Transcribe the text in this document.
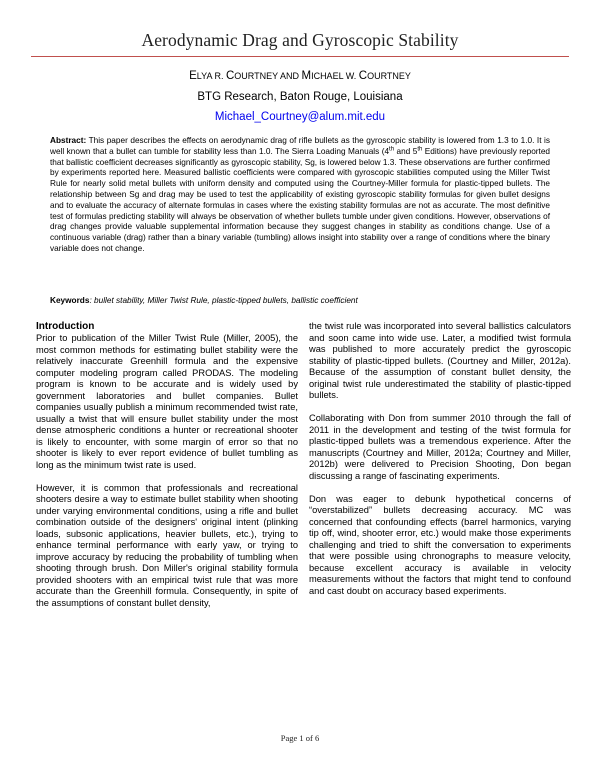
Aerodynamic Drag and Gyroscopic Stability
ELYA R. COURTNEY AND MICHAEL W. COURTNEY
BTG Research, Baton Rouge, Louisiana
Michael_Courtney@alum.mit.edu

Abstract: This paper describes the effects on aerodynamic drag of rifle bullets as the gyroscopic stability is lowered from 1.3 to 1.0. It is well known that a bullet can tumble for stability less than 1.0. The Sierra Loading Manuals (4th and 5th Editions) have previously reported that ballistic coefficient decreases significantly as gyroscopic stability, Sg, is lowered below 1.3. These observations are further confirmed by experiments reported here. Measured ballistic coefficients were compared with gyroscopic stabilities computed using the Miller Twist Rule for nearly solid metal bullets with uniform density and computed using the Courtney-Miller formula for plastic-tipped bullets. The relationship between Sg and drag may be used to test the applicability of existing gyroscopic stability formulas for given bullet designs and to evaluate the accuracy of alternate formulas in cases where the existing stability formulas are not as accurate. The most definitive test of formulas predicting stability will always be observation of whether bullets tumble under given conditions. However, observations of drag changes provide valuable supplemental information because they suggest changes in stability as conditions change. Use of a continuous variable (drag) rather than a binary variable (tumbling) allows insight into stability over a range of conditions where the binary variable does not change.

Keywords: bullet stability, Miller Twist Rule, plastic-tipped bullets, ballistic coefficient

Introduction

Prior to publication of the Miller Twist Rule (Miller, 2005), the most common methods for estimating bullet stability were the relatively inaccurate Greenhill formula and the expensive computer modeling program called PRODAS. The modeling program is known to be accurate and is widely used by government laboratories and bullet companies. Bullet companies usually publish a minimum recommended twist rate, usually a twist that will ensure bullet stability under the most dense atmospheric conditions a hunter or recreational shooter is likely to encounter, with some margin of error so that no shooter is likely to ever report evidence of bullet tumbling as long as the minimum twist rate is used.

However, it is common that professionals and recreational shooters desire a way to estimate bullet stability when shooting under varying environmental conditions, using a rifle and bullet combination outside of the designers' original intent (plinking loads, subsonic applications, heavier bullets, etc.), trying to enhance terminal performance with early yaw, or trying to improve accuracy by reducing the probability of tumbling when shooting through brush. Don Miller's original stability formula provided shooters with an empirical twist rule that was more accurate than the Greenhill formula. Consequently, in spite of the assumptions of constant bullet density,

the twist rule was incorporated into several ballistics calculators and soon came into wide use. Later, a modified twist formula was published to more accurately predict the gyroscopic stability of plastic-tipped bullets. (Courtney and Miller, 2012a). Because of the assumption of constant bullet density, the original twist rule underestimated the stability of plastic-tipped bullets.

Collaborating with Don from summer 2010 through the fall of 2011 in the development and testing of the twist formula for plastic-tipped bullets was a tremendous experience. After the manuscripts (Courtney and Miller, 2012a; Courtney and Miller, 2012b) were delivered to Precision Shooting, Don began discussing a range of fascinating experiments.

Don was eager to debunk hypothetical concerns of “overstabilized” bullets decreasing accuracy. MC was concerned that confounding effects (barrel harmonics, varying tip off, wind, shooter error, etc.) would make those experiments challenging and tried to shift the conversation to experiments that were possible using chronographs to measure velocity, because excellent accuracy is available in velocity measurements without the factors that might tend to confound and cast doubt on accuracy based experiments.

Page 1 of 6
